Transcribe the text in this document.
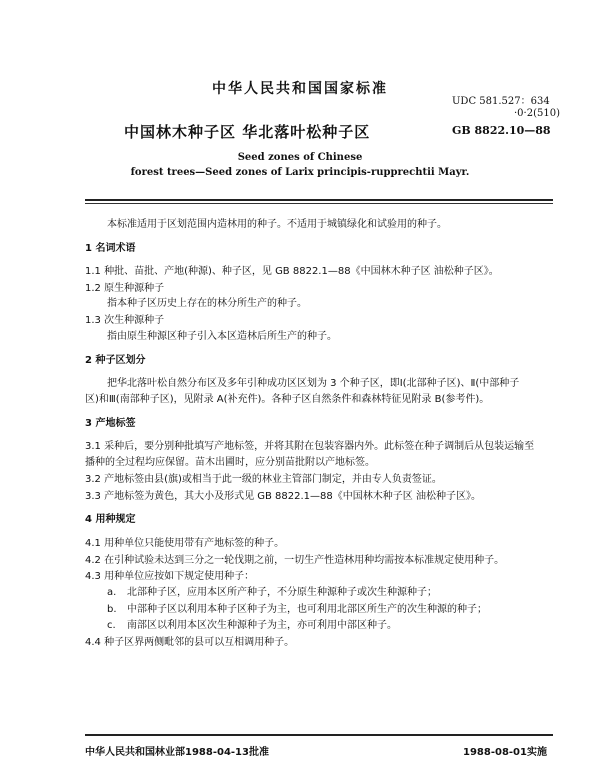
中华人民共和国国家标准
UDC 581.527：634
·0·2(510)
中国林木种子区 华北落叶松种子区	GB 8822.10—88
Seed zones of Chinese
forest trees—Seed zones of Larix principis-rupprechtii Mayr.
本标准适用于区划范围内造林用的种子。不适用于城镇绿化和试验用的种子。
1 名词术语
1.1 种批、苗批、产地(种源)、种子区，见 GB 8822.1—88《中国林木种子区 油松种子区》。
1.2 原生种源种子
指本种子区历史上存在的林分所生产的种子。
1.3 次生种源种子
指由原生种源区种子引入本区造林后所生产的种子。
2 种子区划分
把华北落叶松自然分布区及多年引种成功区区划为 3 个种子区，即Ⅰ(北部种子区)、Ⅱ(中部种子
区)和Ⅲ(南部种子区)，见附录 A(补充件)。各种子区自然条件和森林特征见附录 B(参考件)。
3 产地标签
3.1 采种后，要分别种批填写产地标签，并将其附在包装容器内外。此标签在种子调制后从包装运输至
播种的全过程均应保留。苗木出圃时，应分别苗批附以产地标签。
3.2 产地标签由县(旗)或相当于此一级的林业主管部门制定，并由专人负责签证。
3.3 产地标签为黄色，其大小及形式见 GB 8822.1—88《中国林木种子区 油松种子区》。
4 用种规定
4.1 用种单位只能使用带有产地标签的种子。
4.2 在引种试验未达到三分之一轮伐期之前，一切生产性造林用种均需按本标准规定使用种子。
4.3 用种单位应按如下规定使用种子：
a. 北部种子区，应用本区所产种子，不分原生种源种子或次生种源种子；
b. 中部种子区以利用本种子区种子为主，也可利用北部区所生产的次生种源的种子；
c. 南部区以利用本区次生种源种子为主，亦可利用中部区种子。
4.4 种子区界两侧毗邻的县可以互相调用种子。
中华人民共和国林业部1988-04-13批准	1988-08-01实施
